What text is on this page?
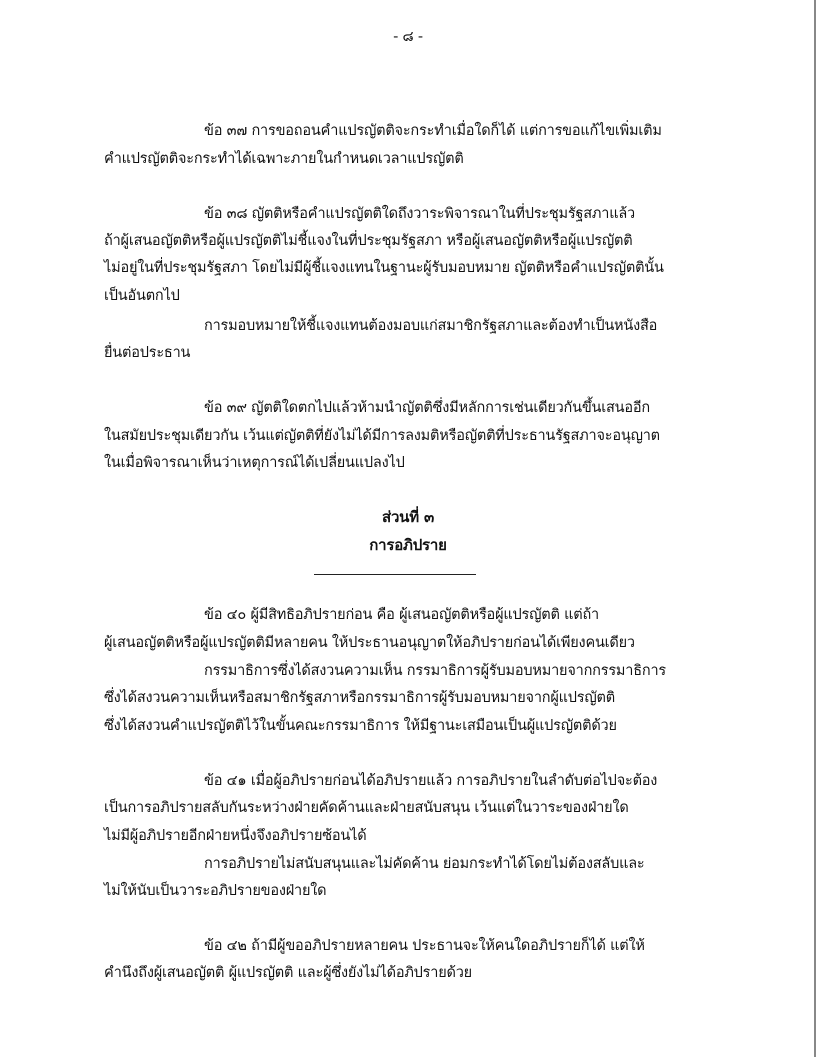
- ๘ -
ข้อ ๓๗ การขอถอนคำแปรญัตติจะกระทำเมื่อใดก็ได้ แต่การขอแก้ไขเพิ่มเติม
คำแปรญัตติจะกระทำได้เฉพาะภายในกำหนดเวลาแปรญัตติ
ข้อ ๓๘ ญัตติหรือคำแปรญัตติใดถึงวาระพิจารณาในที่ประชุมรัฐสภาแล้ว
ถ้าผู้เสนอญัตติหรือผู้แปรญัตติไม่ชี้แจงในที่ประชุมรัฐสภา หรือผู้เสนอญัตติหรือผู้แปรญัตติ
ไม่อยู่ในที่ประชุมรัฐสภา โดยไม่มีผู้ชี้แจงแทนในฐานะผู้รับมอบหมาย ญัตติหรือคำแปรญัตตินั้น
เป็นอันตกไป
การมอบหมายให้ชี้แจงแทนต้องมอบแก่สมาชิกรัฐสภาและต้องทำเป็นหนังสือ
ยื่นต่อประธาน
ข้อ ๓๙ ญัตติใดตกไปแล้วห้ามนำญัตติซึ่งมีหลักการเช่นเดียวกันขึ้นเสนออีก
ในสมัยประชุมเดียวกัน เว้นแต่ญัตติที่ยังไม่ได้มีการลงมติหรือญัตติที่ประธานรัฐสภาจะอนุญาต
ในเมื่อพิจารณาเห็นว่าเหตุการณ์ได้เปลี่ยนแปลงไป
ส่วนที่ ๓
การอภิปราย
ข้อ ๔๐ ผู้มีสิทธิอภิปรายก่อน คือ ผู้เสนอญัตติหรือผู้แปรญัตติ แต่ถ้า
ผู้เสนอญัตติหรือผู้แปรญัตติมีหลายคน ให้ประธานอนุญาตให้อภิปรายก่อนได้เพียงคนเดียว
กรรมาธิการซึ่งได้สงวนความเห็น กรรมาธิการผู้รับมอบหมายจากกรรมาธิการ
ซึ่งได้สงวนความเห็นหรือสมาชิกรัฐสภาหรือกรรมาธิการผู้รับมอบหมายจากผู้แปรญัตติ
ซึ่งได้สงวนคำแปรญัตติไว้ในขั้นคณะกรรมาธิการ ให้มีฐานะเสมือนเป็นผู้แปรญัตติด้วย
ข้อ ๔๑ เมื่อผู้อภิปรายก่อนได้อภิปรายแล้ว การอภิปรายในลำดับต่อไปจะต้อง
เป็นการอภิปรายสลับกันระหว่างฝ่ายคัดค้านและฝ่ายสนับสนุน เว้นแต่ในวาระของฝ่ายใด
ไม่มีผู้อภิปรายอีกฝ่ายหนึ่งจึงอภิปรายซ้อนได้
การอภิปรายไม่สนับสนุนและไม่คัดค้าน ย่อมกระทำได้โดยไม่ต้องสลับและ
ไม่ให้นับเป็นวาระอภิปรายของฝ่ายใด
ข้อ ๔๒ ถ้ามีผู้ขออภิปรายหลายคน ประธานจะให้คนใดอภิปรายก็ได้ แต่ให้
คำนึงถึงผู้เสนอญัตติ ผู้แปรญัตติ และผู้ซึ่งยังไม่ได้อภิปรายด้วย
